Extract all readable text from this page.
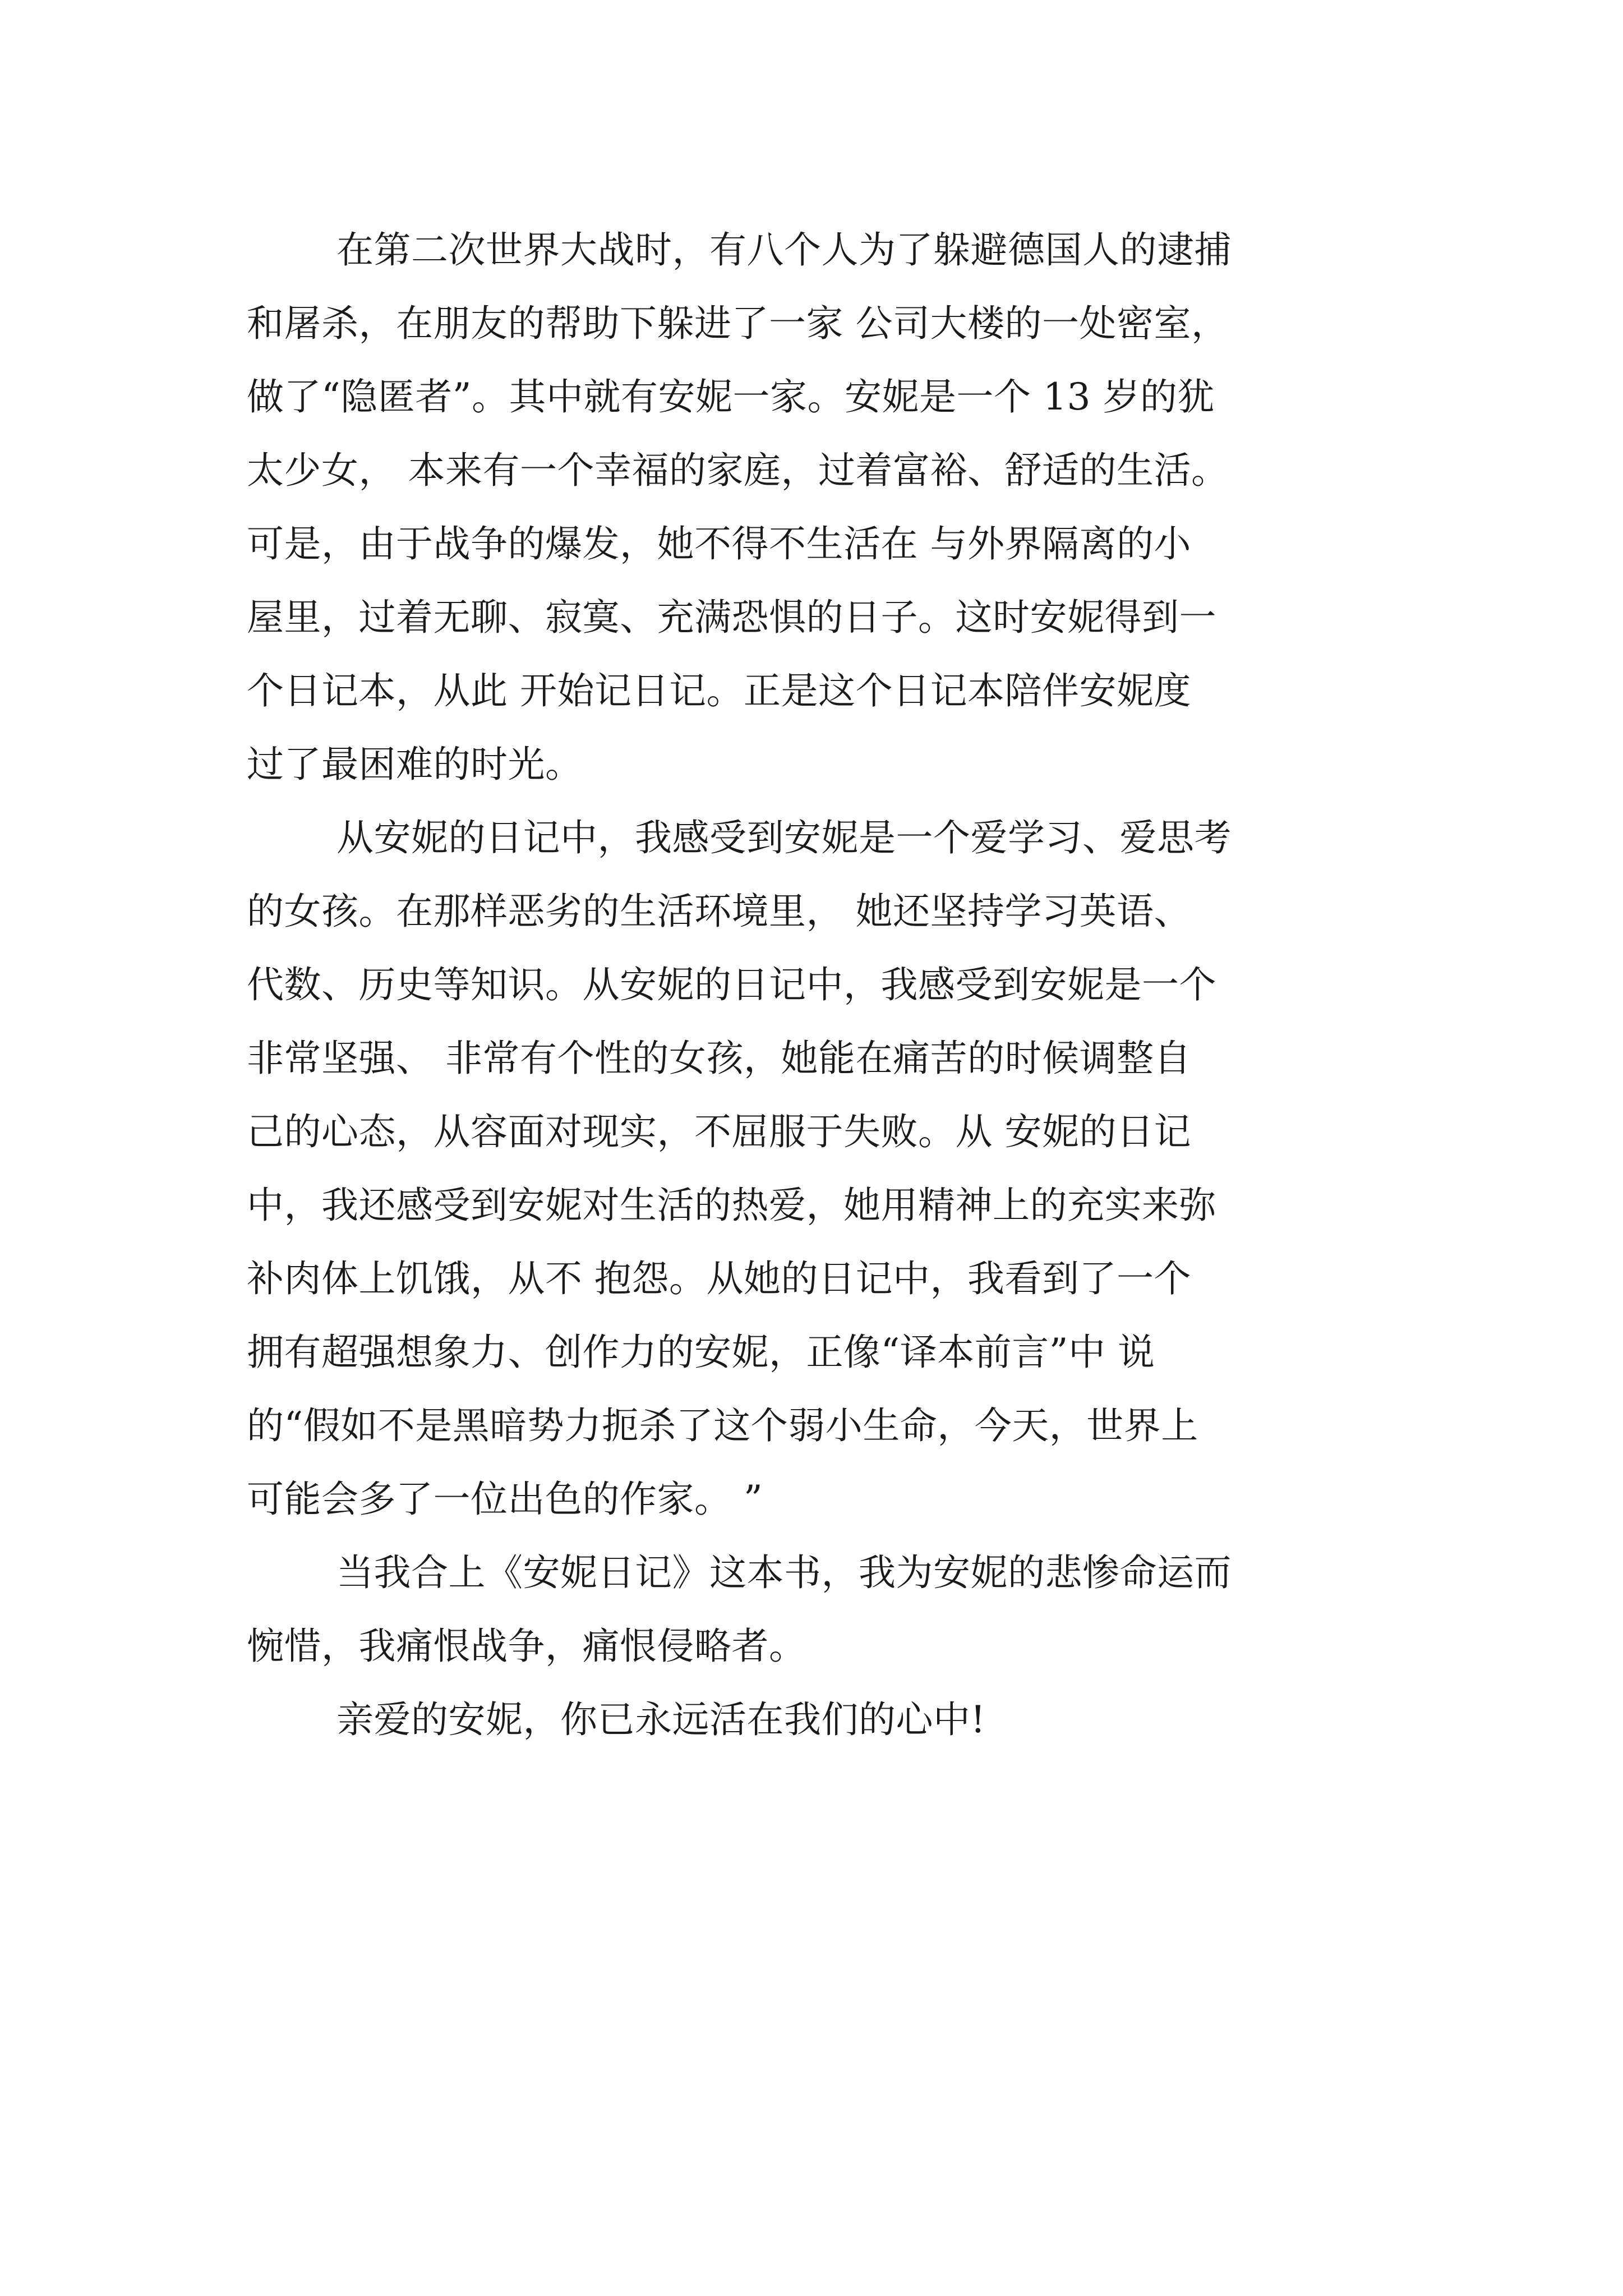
在第二次世界大战时，有八个人为了躲避德国人的逮捕
和屠杀，在朋友的帮助下躲进了一家 公司大楼的一处密室，
做了“隐匿者”。其中就有安妮一家。安妮是一个 13 岁的犹
太少女， 本来有一个幸福的家庭，过着富裕、舒适的生活。
可是，由于战争的爆发，她不得不生活在 与外界隔离的小
屋里，过着无聊、寂寞、充满恐惧的日子。这时安妮得到一
个日记本，从此 开始记日记。正是这个日记本陪伴安妮度
过了最困难的时光。
从安妮的日记中，我感受到安妮是一个爱学习、爱思考
的女孩。在那样恶劣的生活环境里， 她还坚持学习英语、
代数、历史等知识。从安妮的日记中，我感受到安妮是一个
非常坚强、 非常有个性的女孩，她能在痛苦的时候调整自
己的心态，从容面对现实，不屈服于失败。从 安妮的日记
中，我还感受到安妮对生活的热爱，她用精神上的充实来弥
补肉体上饥饿，从不 抱怨。从她的日记中，我看到了一个
拥有超强想象力、创作力的安妮，正像“译本前言”中 说
的“假如不是黑暗势力扼杀了这个弱小生命，今天，世界上
可能会多了一位出色的作家。 ”
当我合上《安妮日记》这本书，我为安妮的悲惨命运而
惋惜，我痛恨战争，痛恨侵略者。
亲爱的安妮，你已永远活在我们的心中!
